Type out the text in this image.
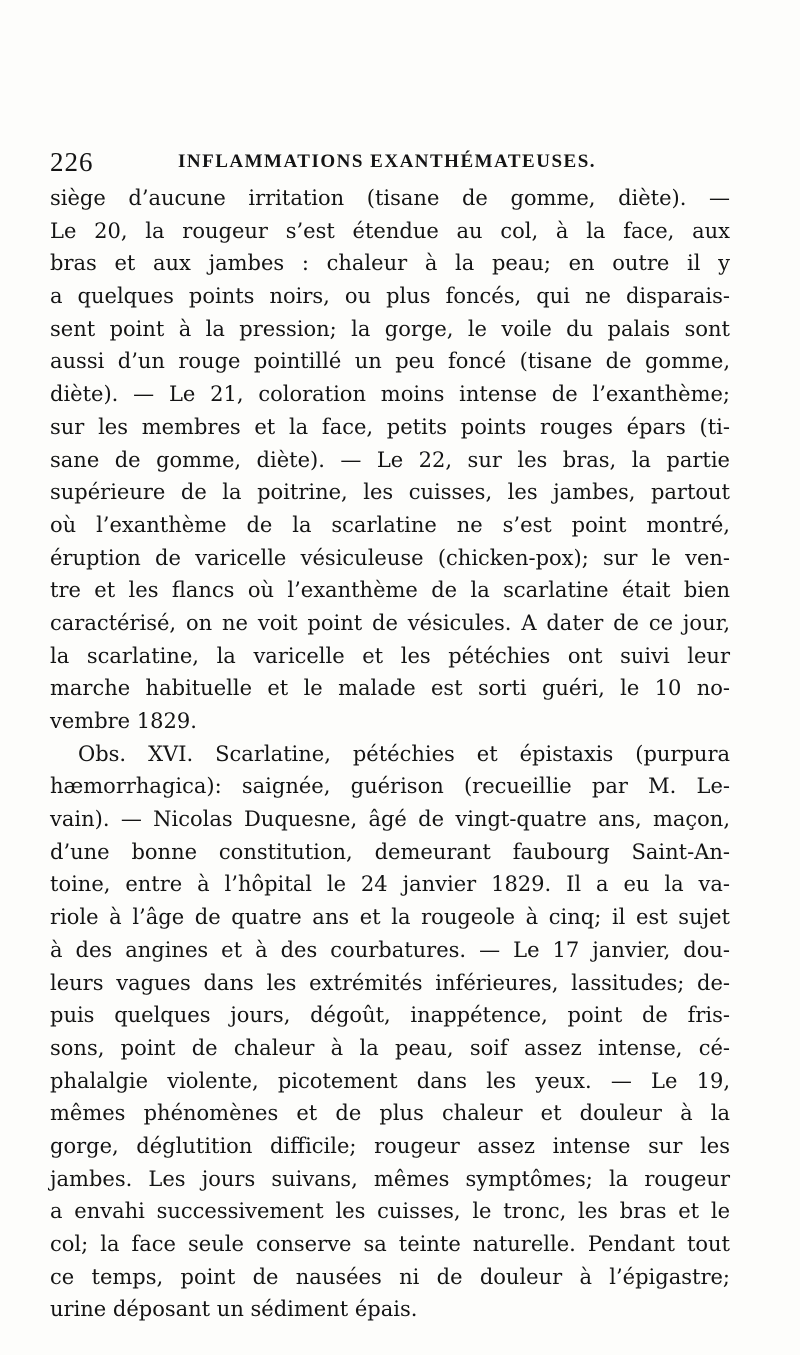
226	INFLAMMATIONS EXANTHÉMATEUSES.
siège d’aucune irritation (tisane de gomme, diète). —
Le 20, la rougeur s’est étendue au col, à la face, aux
bras et aux jambes : chaleur à la peau; en outre il y
a quelques points noirs, ou plus foncés, qui ne disparais-
sent point à la pression; la gorge, le voile du palais sont
aussi d’un rouge pointillé un peu foncé (tisane de gomme,
diète). — Le 21, coloration moins intense de l’exanthème;
sur les membres et la face, petits points rouges épars (ti-
sane de gomme, diète). — Le 22, sur les bras, la partie
supérieure de la poitrine, les cuisses, les jambes, partout
où l’exanthème de la scarlatine ne s’est point montré,
éruption de varicelle vésiculeuse (chicken-pox); sur le ven-
tre et les flancs où l’exanthème de la scarlatine était bien
caractérisé, on ne voit point de vésicules. A dater de ce jour,
la scarlatine, la varicelle et les pétéchies ont suivi leur
marche habituelle et le malade est sorti guéri, le 10 no-
vembre 1829.
Obs. XVI. Scarlatine, pétéchies et épistaxis (purpura
hæmorrhagica): saignée, guérison (recueillie par M. Le-
vain). — Nicolas Duquesne, âgé de vingt-quatre ans, maçon,
d’une bonne constitution, demeurant faubourg Saint-An-
toine, entre à l’hôpital le 24 janvier 1829. Il a eu la va-
riole à l’âge de quatre ans et la rougeole à cinq; il est sujet
à des angines et à des courbatures. — Le 17 janvier, dou-
leurs vagues dans les extrémités inférieures, lassitudes; de-
puis quelques jours, dégoût, inappétence, point de fris-
sons, point de chaleur à la peau, soif assez intense, cé-
phalalgie violente, picotement dans les yeux. — Le 19,
mêmes phénomènes et de plus chaleur et douleur à la
gorge, déglutition difficile; rougeur assez intense sur les
jambes. Les jours suivans, mêmes symptômes; la rougeur
a envahi successivement les cuisses, le tronc, les bras et le
col; la face seule conserve sa teinte naturelle. Pendant tout
ce temps, point de nausées ni de douleur à l’épigastre;
urine déposant un sédiment épais.
